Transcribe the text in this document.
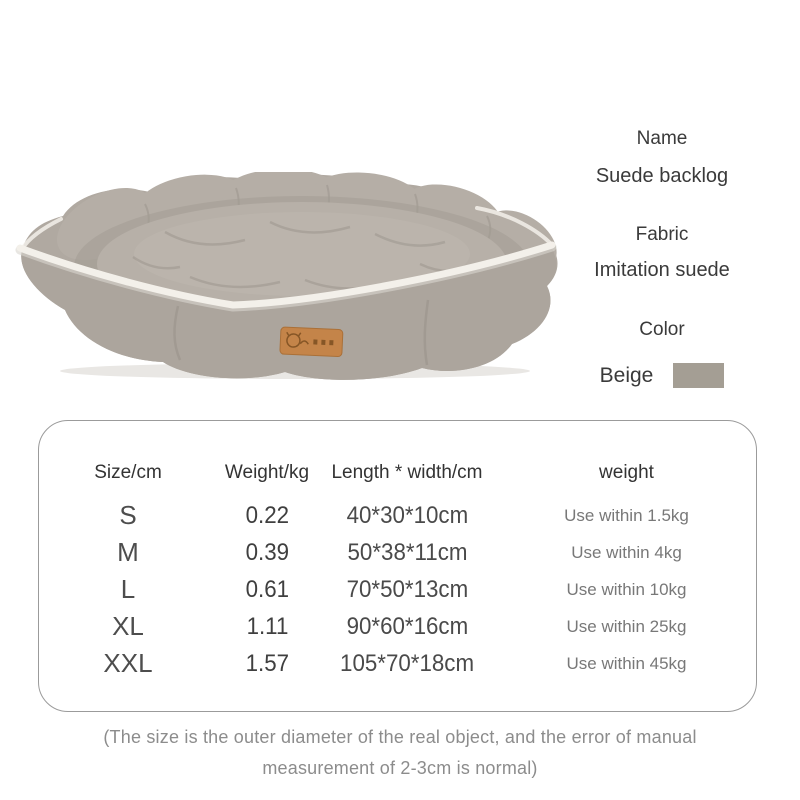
Name
Suede backlog
Fabric
Imitation suede
Color
Beige
Size/cm	Weight/kg	Length * width/cm	weight
S	0.22 40*30*10cm	Use within 1.5kg
M	0.39 50*38*11cm	Use within 4kg
L	0.61 70*50*13cm	Use within 10kg
XL	1.11 90*60*16cm	Use within 25kg
XXL	1.57 105*70*18cm	Use within 45kg
(The size is the outer diameter of the real object, and the error of manual
measurement of 2-3cm is normal)
